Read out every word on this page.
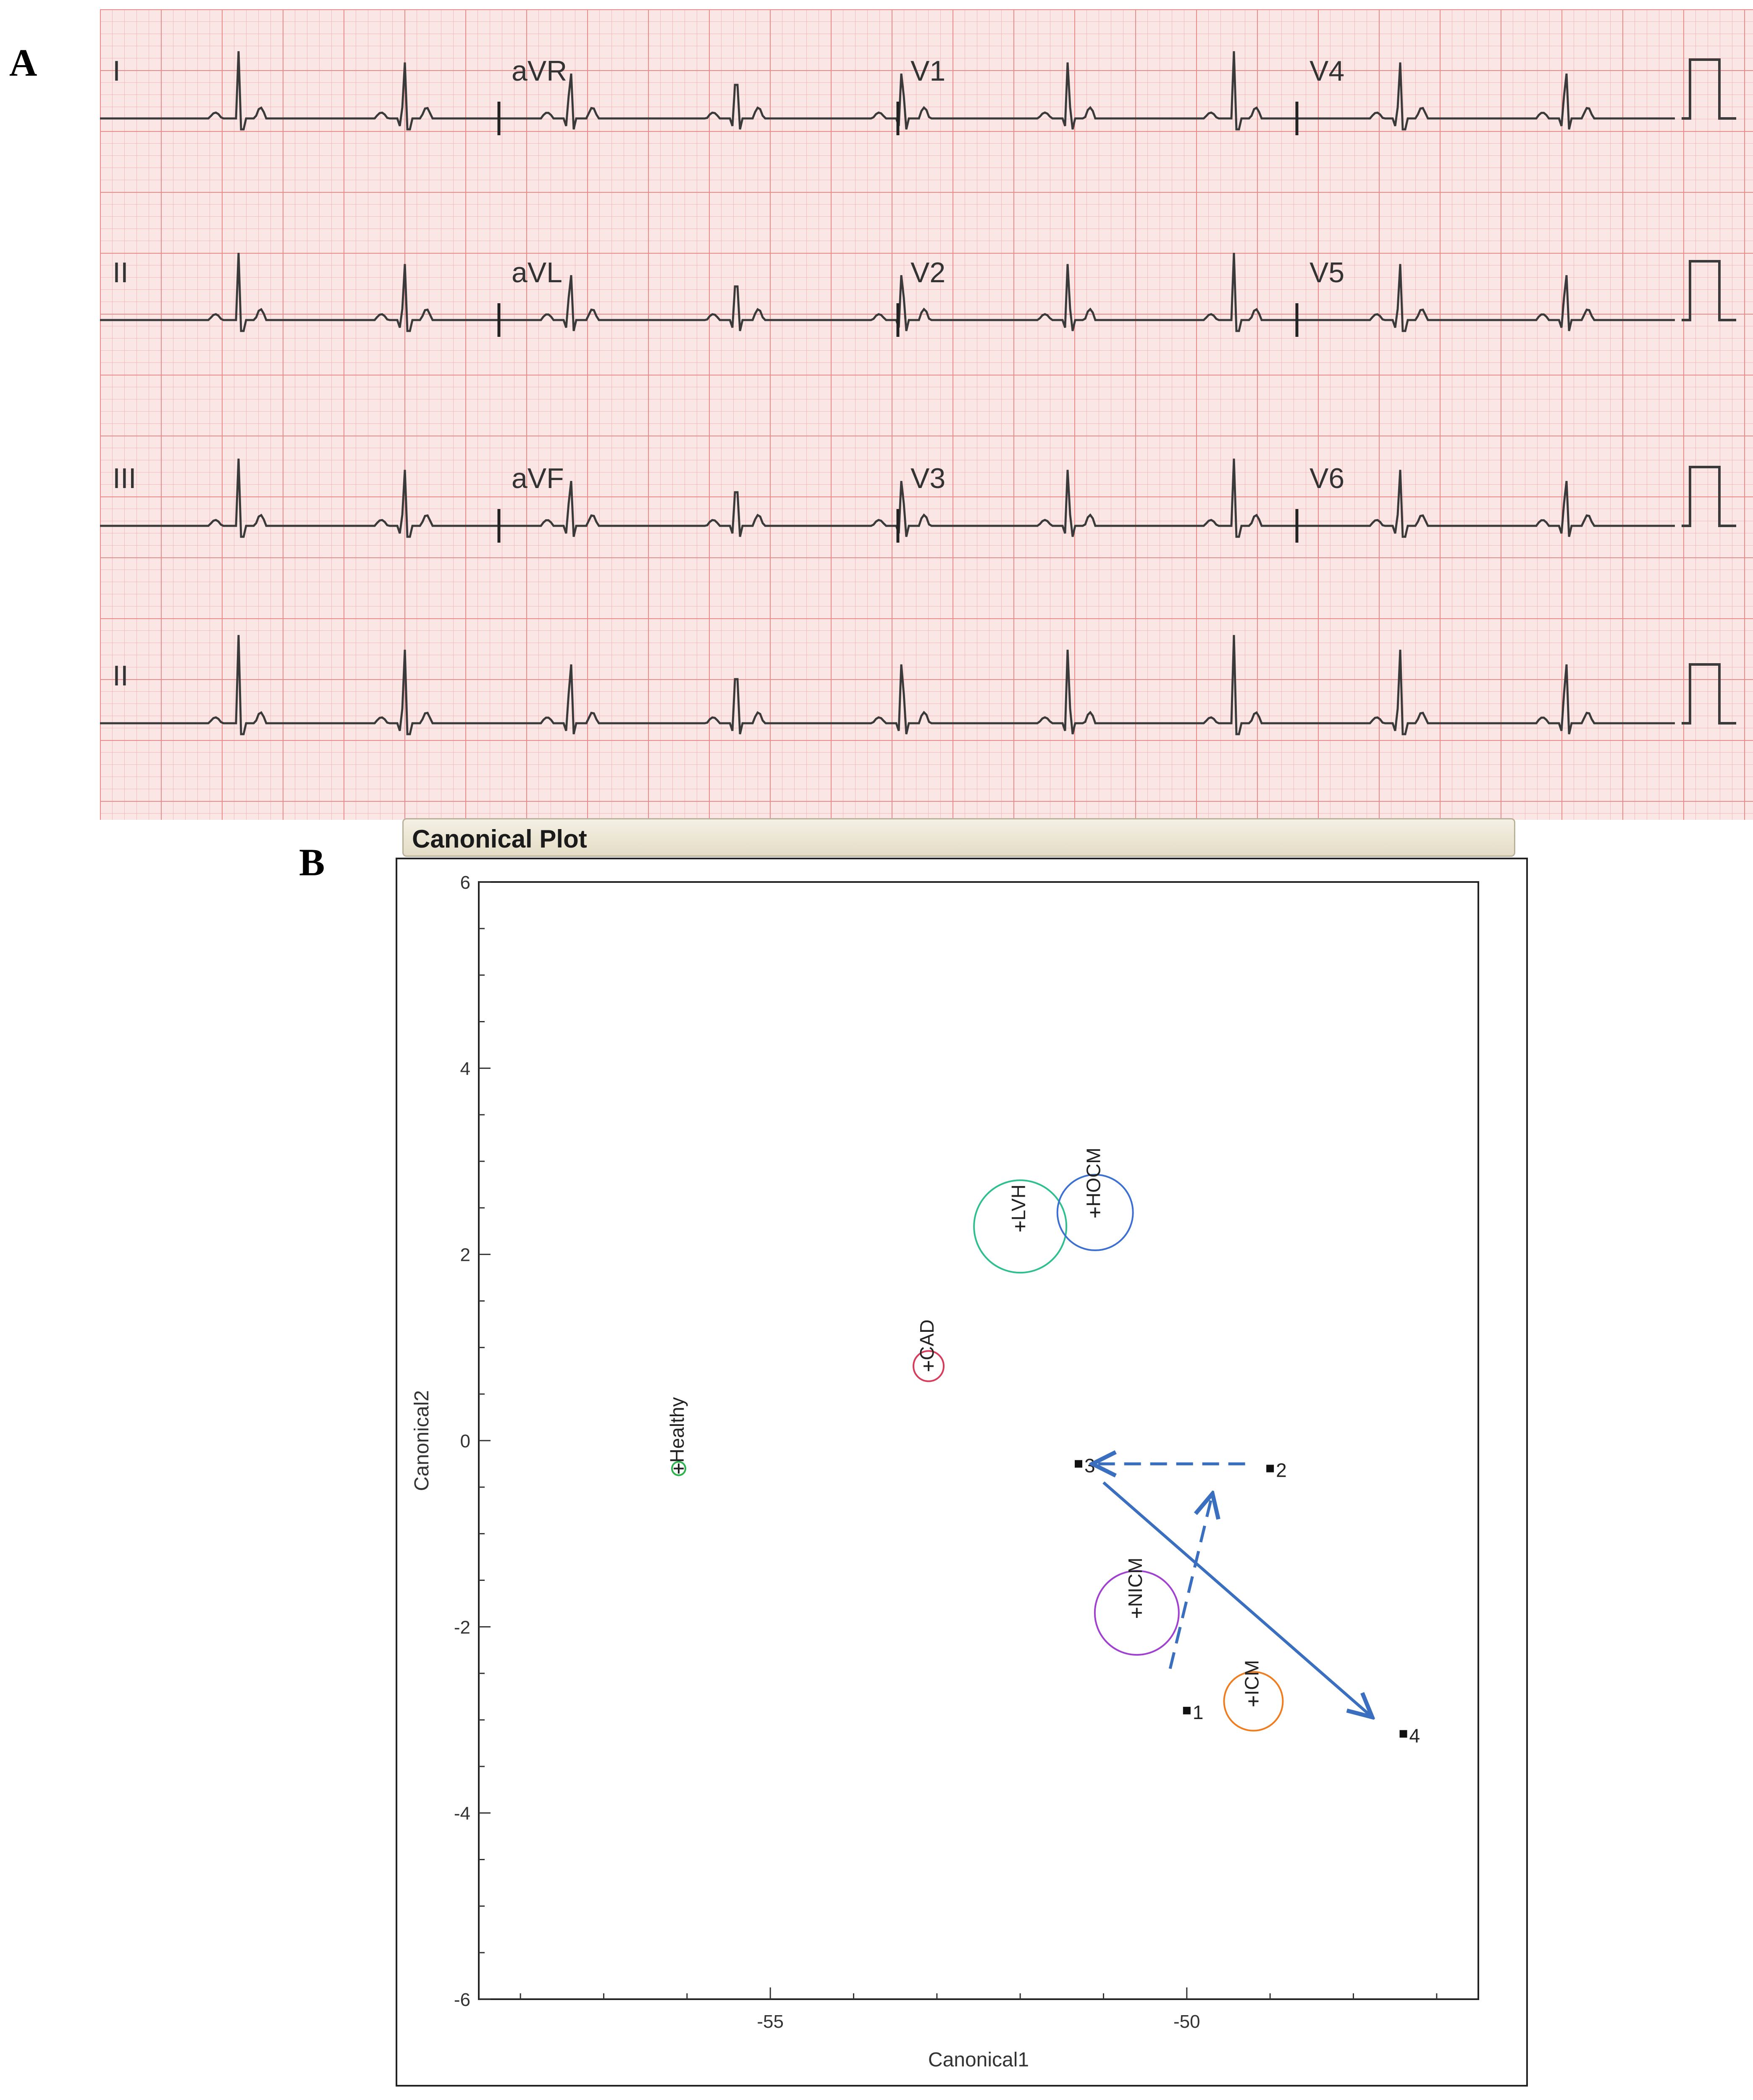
A
B
I	aVR	V1	V4
II	aVL	V2	V5
III	aVF	V3	V6
II
Canonical Plot
6
4
2
0
-2
-4
-6
-55	-50
Healthy
CAD
LVH	HOCM
NICM
ICM
1
2
3
4
Canonical1
Canonical2
